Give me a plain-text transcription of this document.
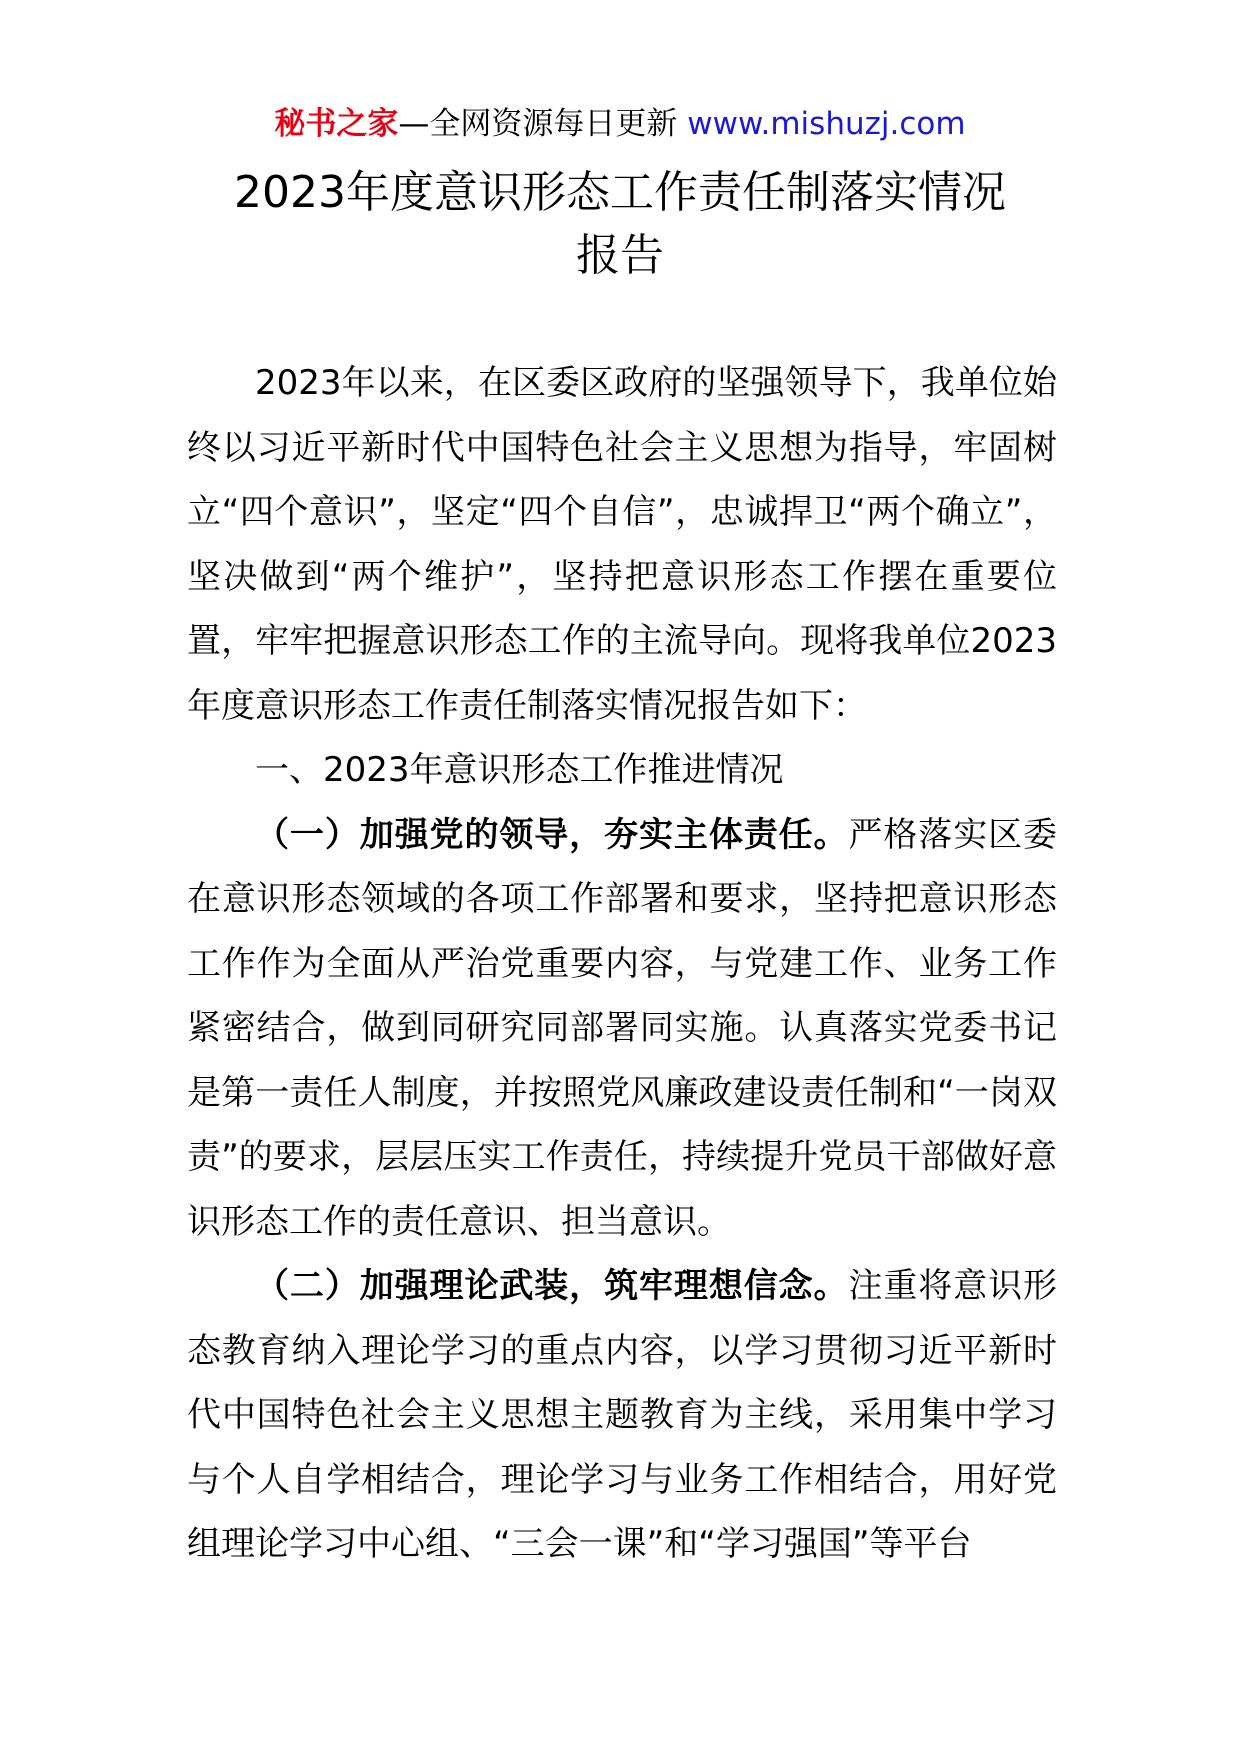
秘书之家—全网资源每日更新 www.mishuzj.com
2023年度意识形态工作责任制落实情况
报告

2023年以来，在区委区政府的坚强领导下，我单位始终以习近平新时代中国特色社会主义思想为指导，牢固树立“四个意识”，坚定“四个自信”，忠诚捍卫“两个确立”，坚决做到“两个维护”，坚持把意识形态工作摆在重要位置，牢牢把握意识形态工作的主流导向。现将我单位2023年度意识形态工作责任制落实情况报告如下：

一、2023年意识形态工作推进情况

（一）加强党的领导，夯实主体责任。严格落实区委在意识形态领域的各项工作部署和要求，坚持把意识形态工作作为全面从严治党重要内容，与党建工作、业务工作紧密结合，做到同研究同部署同实施。认真落实党委书记是第一责任人制度，并按照党风廉政建设责任制和“一岗双责”的要求，层层压实工作责任，持续提升党员干部做好意识形态工作的责任意识、担当意识。

（二）加强理论武装，筑牢理想信念。注重将意识形态教育纳入理论学习的重点内容，以学习贯彻习近平新时代中国特色社会主义思想主题教育为主线，采用集中学习与个人自学相结合，理论学习与业务工作相结合，用好党组理论学习中心组、“三会一课”和“学习强国”等平台
